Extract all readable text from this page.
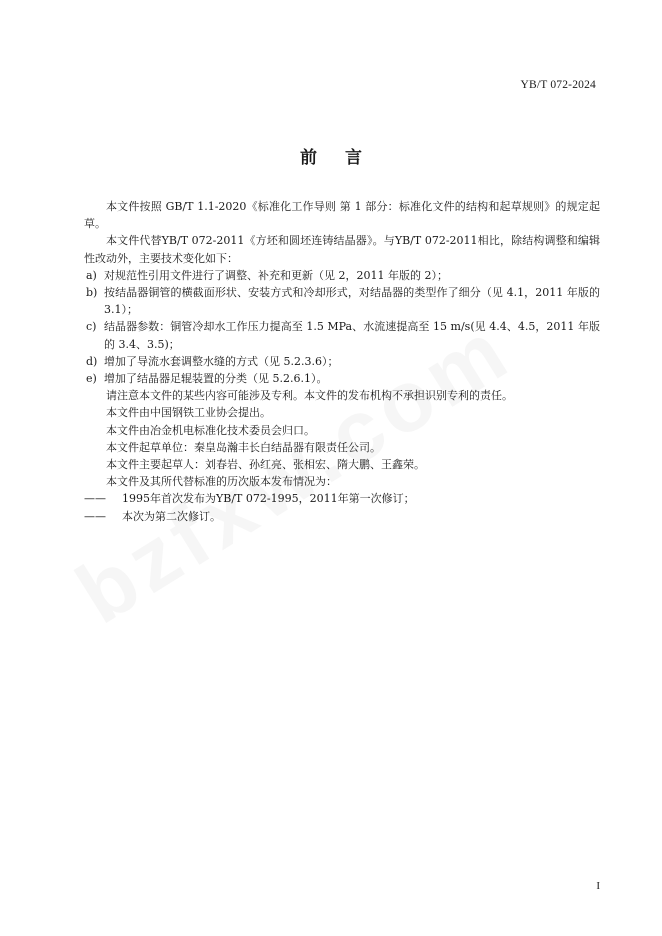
YB/T 072-2024
前言

本文件按照 GB/T 1.1-2020《标准化工作导则 第 1 部分：标准化文件的结构和起草规则》的规定起草。

本文件代替YB/T 072-2011《方坯和圆坯连铸结晶器》。与YB/T 072-2011相比，除结构调整和编辑性改动外，主要技术变化如下：

a) 对规范性引用文件进行了调整、补充和更新（见 2，2011 年版的 2）；

b) 按结晶器铜管的横截面形状、安装方式和冷却形式，对结晶器的类型作了细分（见 4.1，2011 年版的 3.1）；

c) 结晶器参数：铜管冷却水工作压力提高至 1.5 MPa、水流速提高至 15 m/s(见 4.4、4.5，2011 年版的 3.4、3.5)；

d) 增加了导流水套调整水缝的方式（见 5.2.3.6）；

e) 增加了结晶器足辊装置的分类（见 5.2.6.1）。

请注意本文件的某些内容可能涉及专利。本文件的发布机构不承担识别专利的责任。

本文件由中国钢铁工业协会提出。

本文件由冶金机电标准化技术委员会归口。

本文件起草单位：秦皇岛瀚丰长白结晶器有限责任公司。

本文件主要起草人：刘春岩、孙红亮、张相宏、隋大鹏、王鑫荣。

本文件及其所代替标准的历次版本发布情况为：

—— 1995年首次发布为YB/T 072-1995，2011年第一次修订；

—— 本次为第二次修订。

I
